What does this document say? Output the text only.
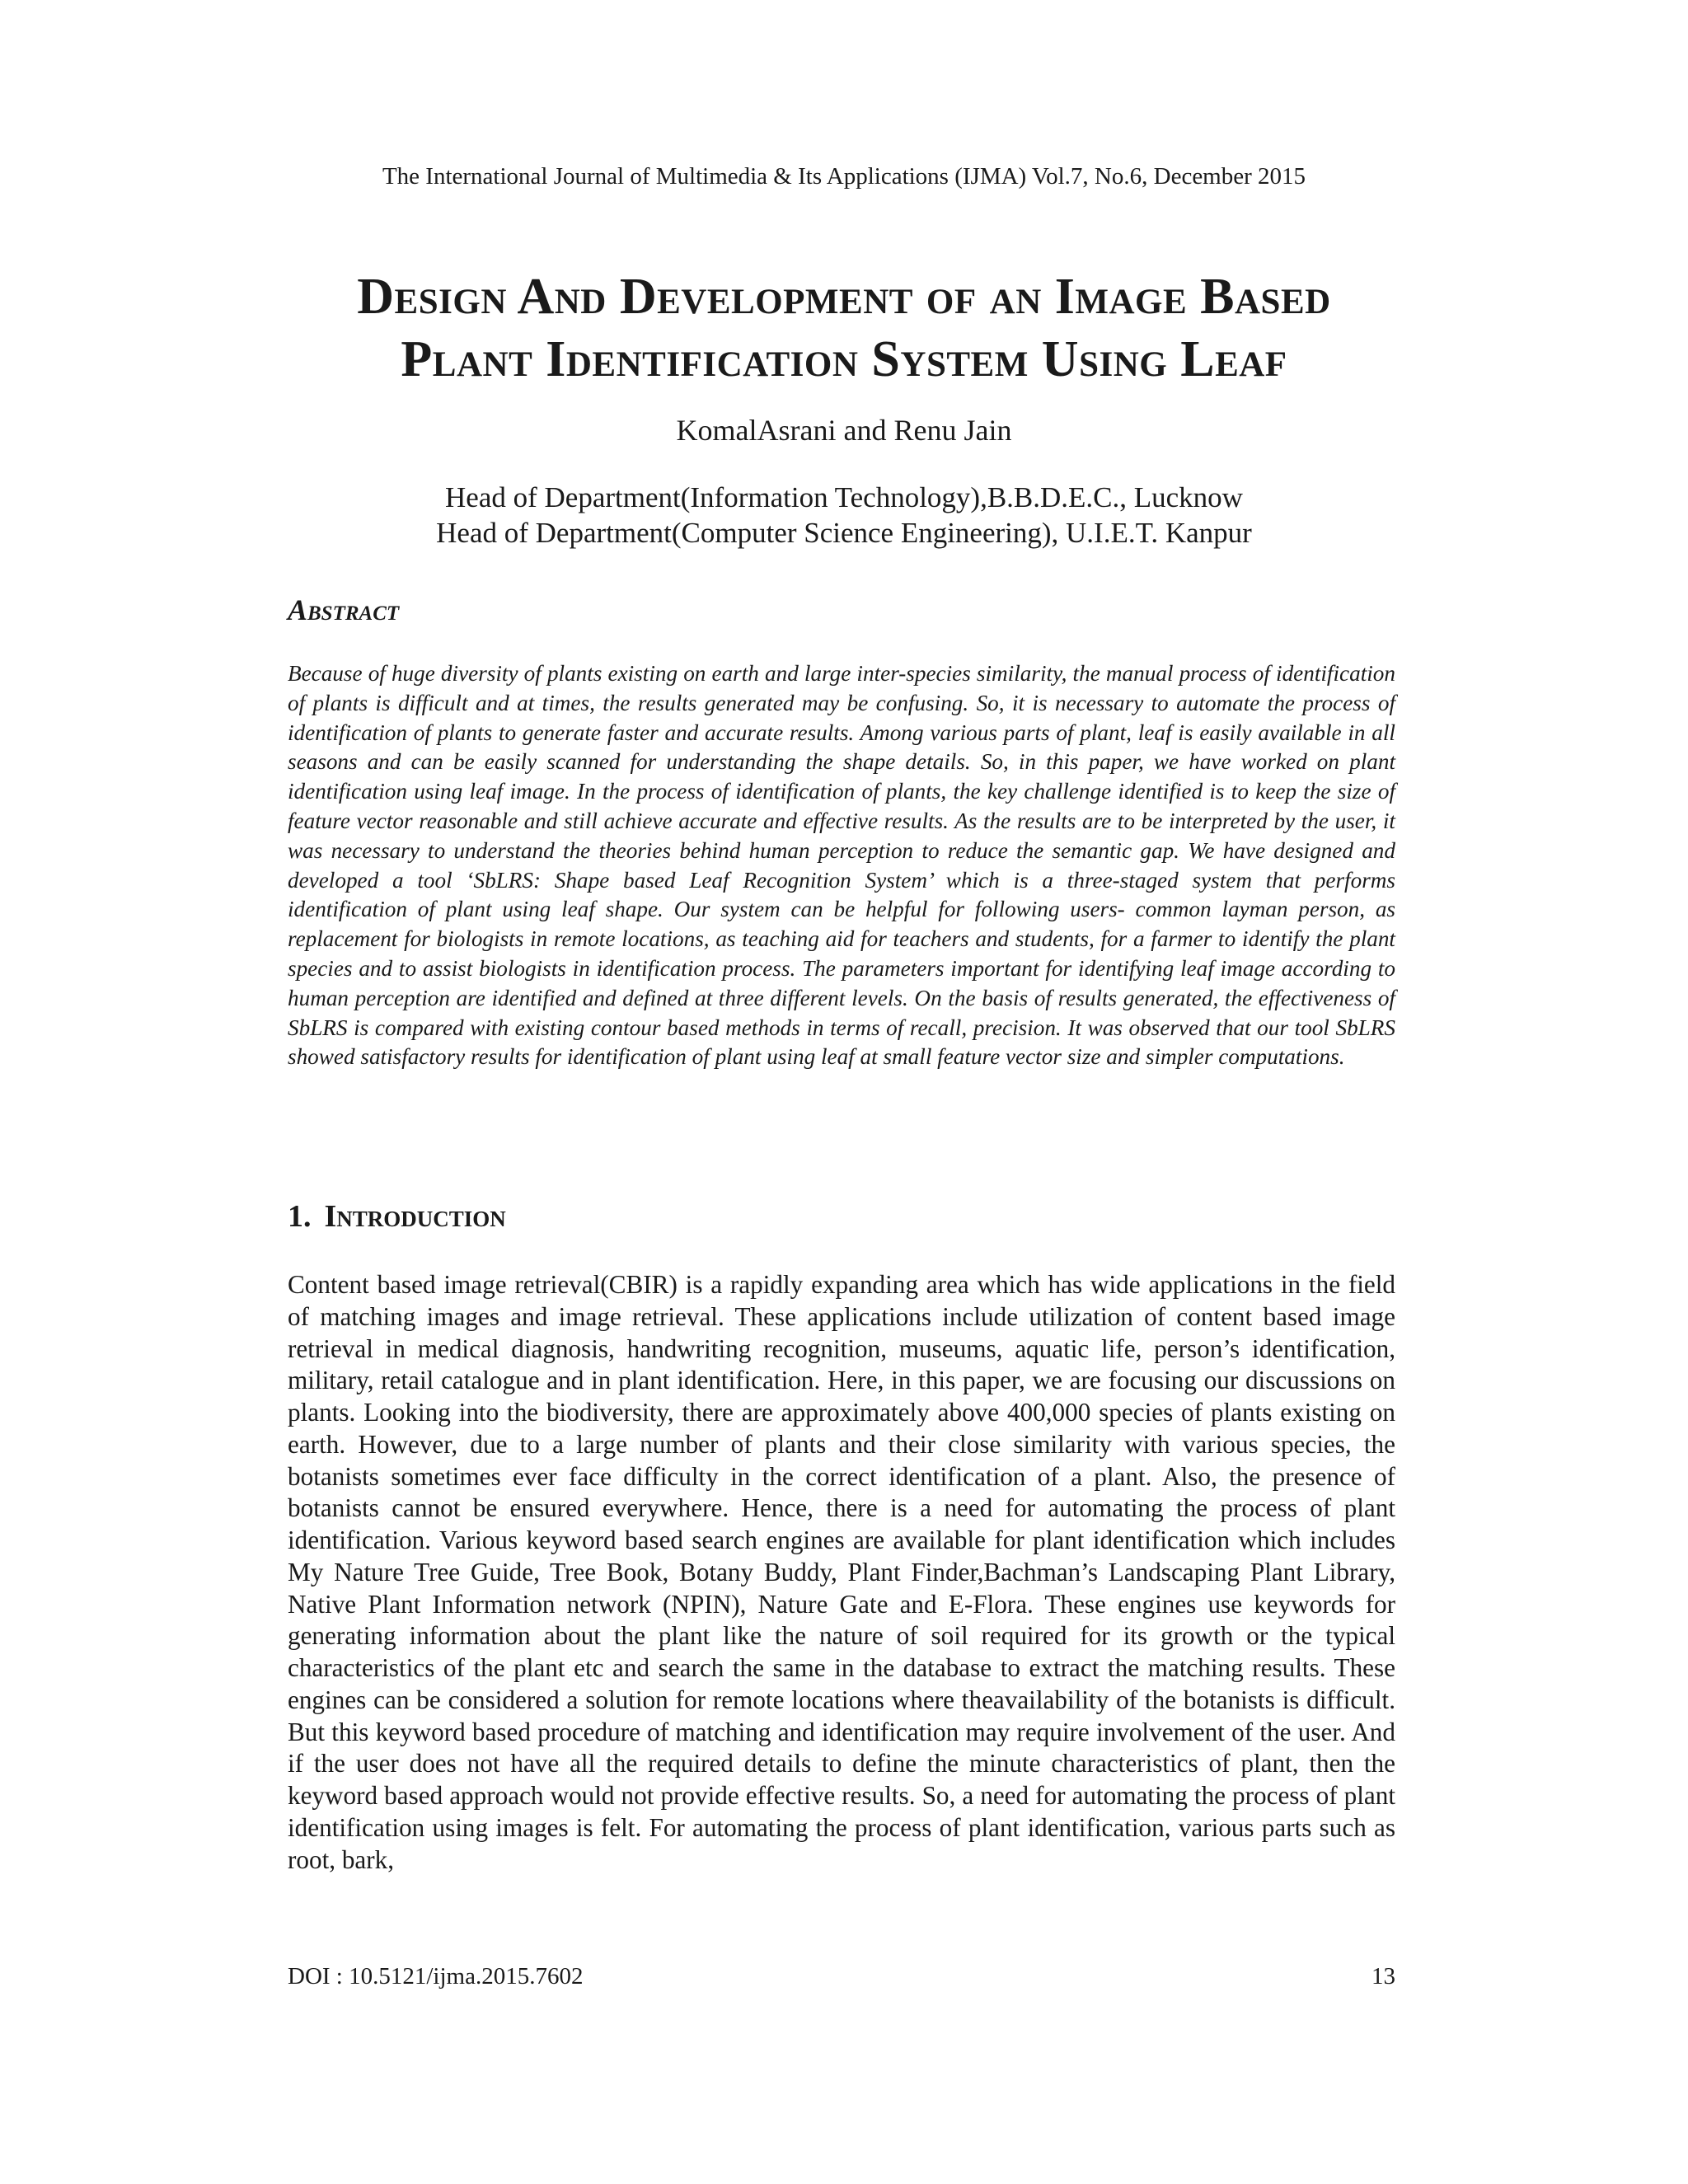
The International Journal of Multimedia & Its Applications (IJMA) Vol.7, No.6, December 2015
Design And Development of an Image Based
Plant Identification System Using Leaf
KomalAsrani and Renu Jain
Head of Department(Information Technology),B.B.D.E.C., Lucknow
Head of Department(Computer Science Engineering), U.I.E.T. Kanpur
Abstract

Because of huge diversity of plants existing on earth and large inter-species similarity, the manual process of identification of plants is difficult and at times, the results generated may be confusing. So, it is necessary to automate the process of identification of plants to generate faster and accurate results. Among various parts of plant, leaf is easily available in all seasons and can be easily scanned for understanding the shape details. So, in this paper, we have worked on plant identification using leaf image. In the process of identification of plants, the key challenge identified is to keep the size of feature vector reasonable and still achieve accurate and effective results. As the results are to be interpreted by the user, it was necessary to understand the theories behind human perception to reduce the semantic gap. We have designed and developed a tool ‘SbLRS: Shape based Leaf Recognition System’ which is a three-staged system that performs identification of plant using leaf shape. Our system can be helpful for following users- common layman person, as replacement for biologists in remote locations, as teaching aid for teachers and students, for a farmer to identify the plant species and to assist biologists in identification process. The parameters important for identifying leaf image according to human perception are identified and defined at three different levels. On the basis of results generated, the effectiveness of SbLRS is compared with existing contour based methods in terms of recall, precision. It was observed that our tool SbLRS showed satisfactory results for identification of plant using leaf at small feature vector size and simpler computations.

1. Introduction

Content based image retrieval(CBIR) is a rapidly expanding area which has wide applications in the field of matching images and image retrieval. These applications include utilization of content based image retrieval in medical diagnosis, handwriting recognition, museums, aquatic life, person’s identification, military, retail catalogue and in plant identification. Here, in this paper, we are focusing our discussions on plants. Looking into the biodiversity, there are approximately above 400,000 species of plants existing on earth. However, due to a large number of plants and their close similarity with various species, the botanists sometimes ever face difficulty in the correct identification of a plant. Also, the presence of botanists cannot be ensured everywhere. Hence, there is a need for automating the process of plant identification. Various keyword based search engines are available for plant identification which includes My Nature Tree Guide, Tree Book, Botany Buddy, Plant Finder,Bachman’s Landscaping Plant Library, Native Plant Information network (NPIN), Nature Gate and E-Flora. These engines use keywords for generating information about the plant like the nature of soil required for its growth or the typical characteristics of the plant etc and search the same in the database to extract the matching results. These engines can be considered a solution for remote locations where theavailability of the botanists is difficult. But this keyword based procedure of matching and identification may require involvement of the user. And if the user does not have all the required details to define the minute characteristics of plant, then the keyword based approach would not provide effective results. So, a need for automating the process of plant identification using images is felt. For automating the process of plant identification, various parts such as root, bark,

DOI : 10.5121/ijma.2015.7602	13
